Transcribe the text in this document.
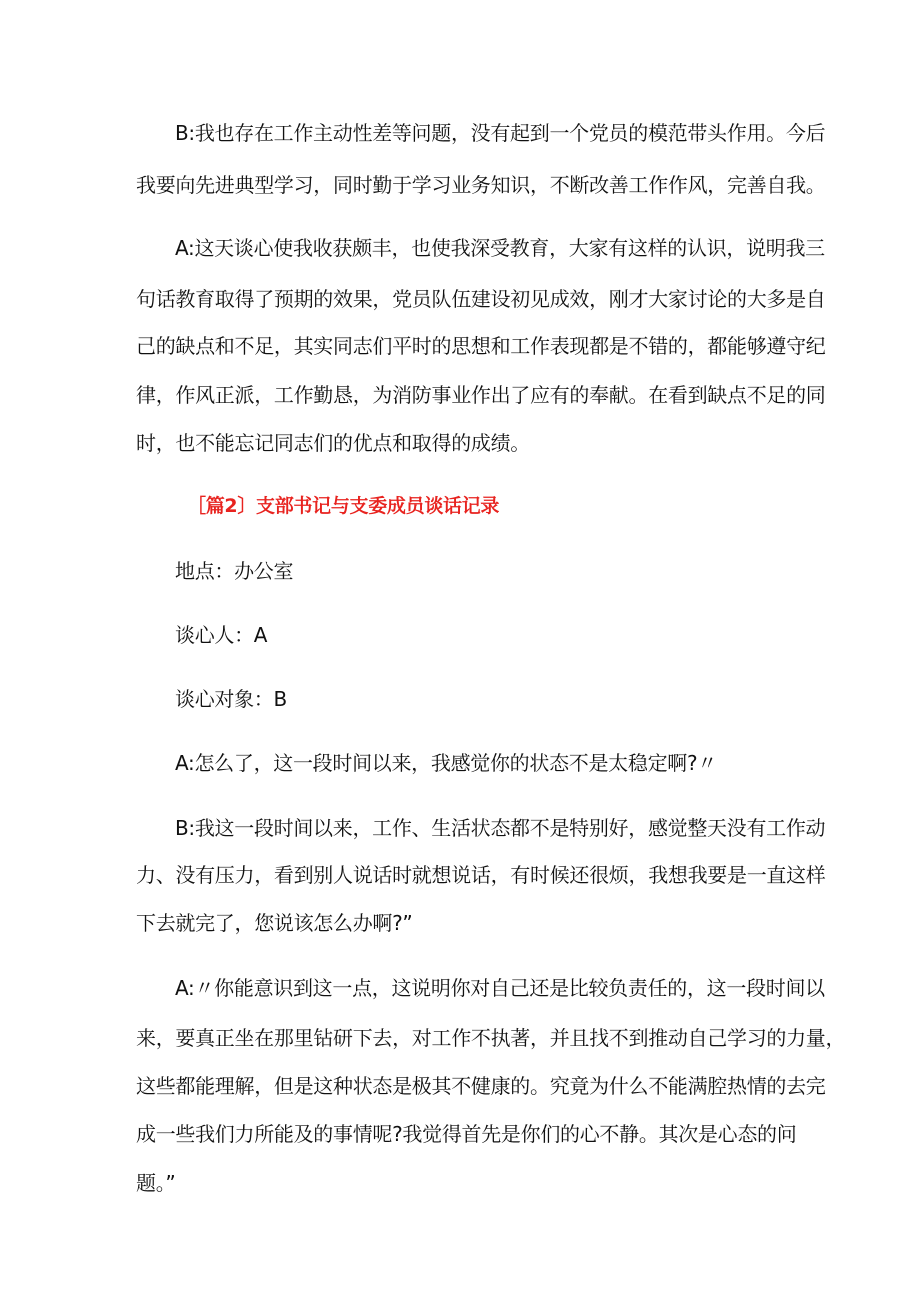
B:我也存在工作主动性差等问题，没有起到一个党员的模范带头作用。今后

我要向先进典型学习，同时勤于学习业务知识，不断改善工作作风，完善自我。

A:这天谈心使我收获颇丰，也使我深受教育，大家有这样的认识，说明我三

句话教育取得了预期的效果，党员队伍建设初见成效，刚才大家讨论的大多是自

己的缺点和不足，其实同志们平时的思想和工作表现都是不错的，都能够遵守纪

律，作风正派，工作勤恳，为消防事业作出了应有的奉献。在看到缺点不足的同

时，也不能忘记同志们的优点和取得的成绩。

［篇2〕支部书记与支委成员谈话记录

地点：办公室

谈心人：A

谈心对象：B

A:怎么了，这一段时间以来，我感觉你的状态不是太稳定啊?〃

B:我这一段时间以来，工作、生活状态都不是特别好，感觉整天没有工作动

力、没有压力，看到别人说话时就想说话，有时候还很烦，我想我要是一直这样

下去就完了，您说该怎么办啊?”

A:〃你能意识到这一点，这说明你对自己还是比较负责任的，这一段时间以

来，要真正坐在那里钻研下去，对工作不执著，并且找不到推动自己学习的力量，

这些都能理解，但是这种状态是极其不健康的。究竟为什么不能满腔热情的去完

成一些我们力所能及的事情呢?我觉得首先是你们的心不静。其次是心态的问

题。”
